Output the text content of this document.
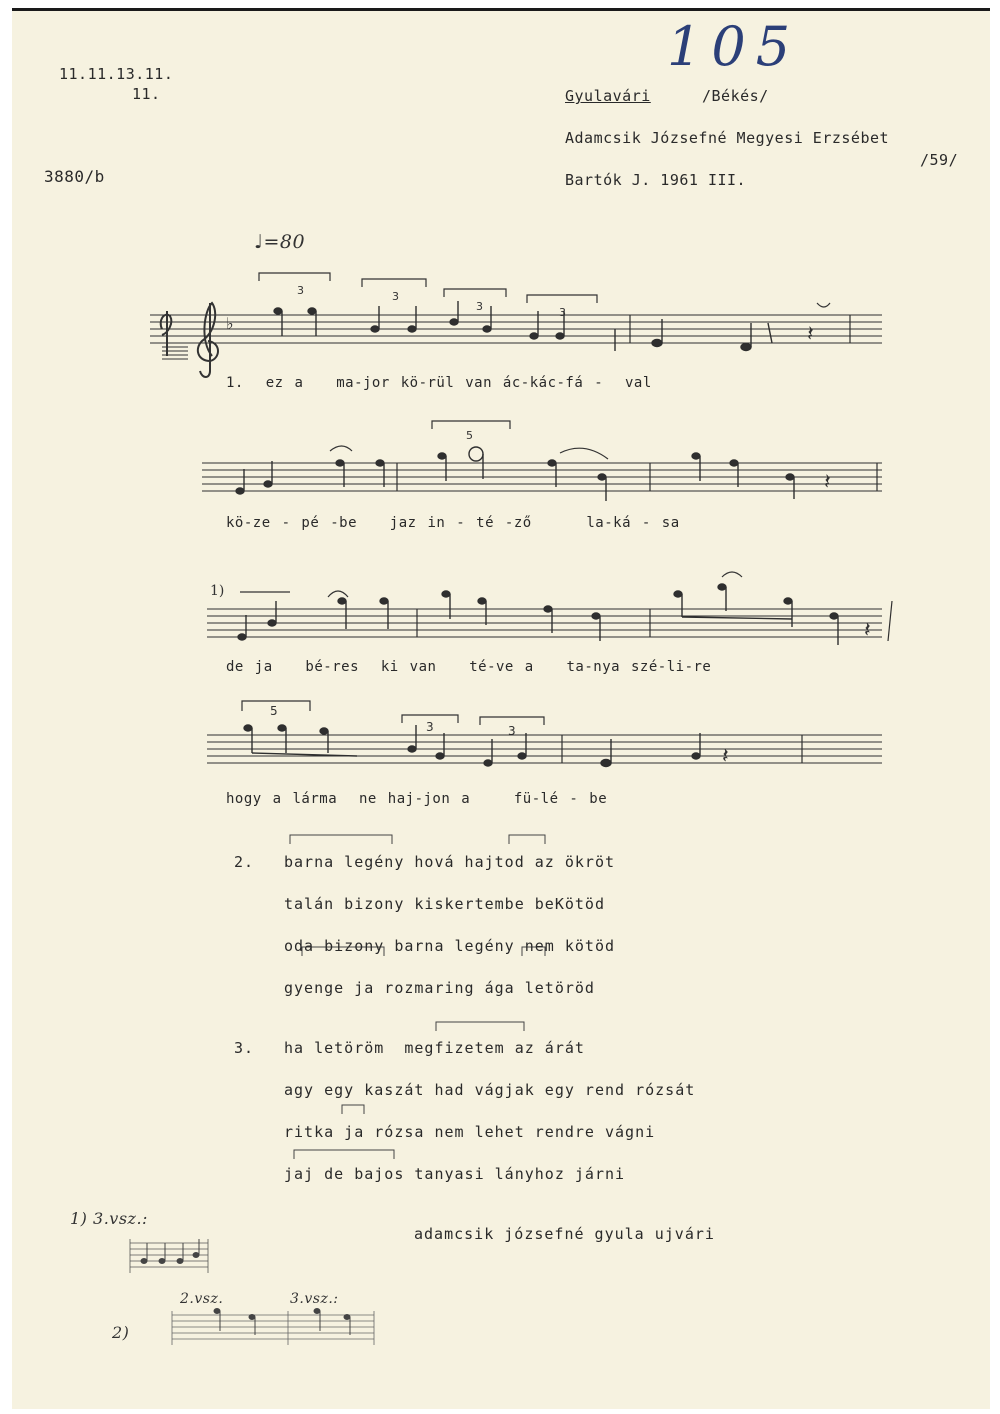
11.11.13.11.
11.
3880/b
105
Gyulavári	/Békés/
Adamcsik Józsefné Megyesi Erzsébet
/59/
Bartók J. 1961 III.
♩=80
♭
3	3
3	3
𝄽
5
𝄽
1)
𝄽
5
3	3
𝄽
1.  ez a   ma-jor kö-rül van ác-kác-fá -  val
kö-ze - pé -be   jaz in - té -ző     la-ká - sa
de ja   bé-res  ki van   té-ve a   ta-nya szé-li-re
hogy a lárma  ne haj-jon a    fü-lé - be
2. barna legény hová hajtod az ökröt
talán bizony kiskertembe beKötöd
oda bizony barna legény nem kötöd
gyenge ja rozmaring ága letöröd
3. ha letöröm  megfizetem az árát
agy egy kaszát had vágjak egy rend rózsát
ritka ja rózsa nem lehet rendre vágni
jaj de bajos tanyasi lányhoz járni
adamcsik józsefné gyula ujvári
1) 3.vsz.:
2)
2.vsz.	3.vsz.:
